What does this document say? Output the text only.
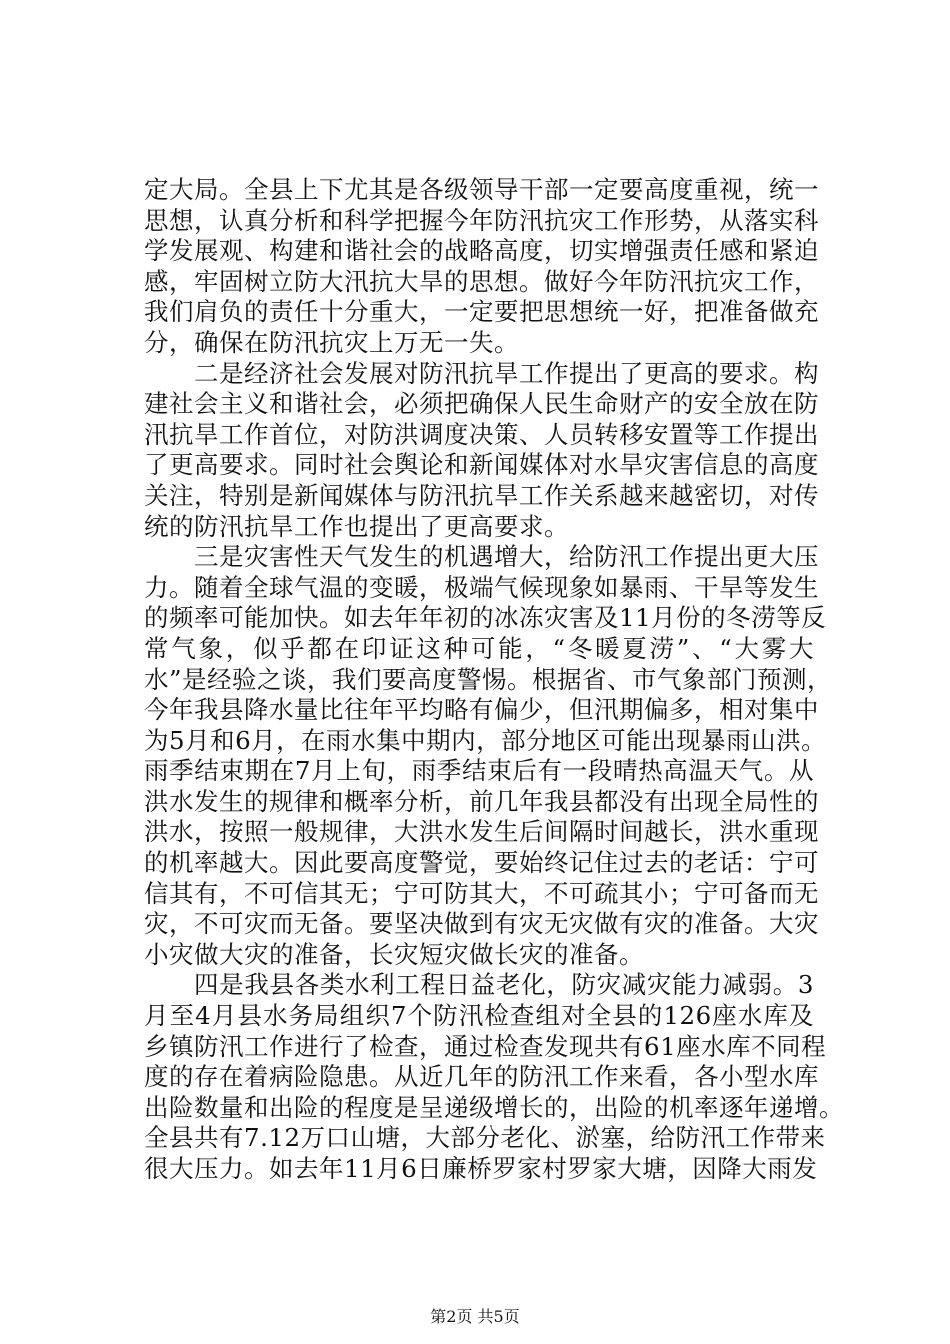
定大局。全县上下尤其是各级领导干部一定要高度重视，统一
思想，认真分析和科学把握今年防汛抗灾工作形势，从落实科
学发展观、构建和谐社会的战略高度，切实增强责任感和紧迫
感，牢固树立防大汛抗大旱的思想。做好今年防汛抗灾工作，
我们肩负的责任十分重大，一定要把思想统一好，把准备做充
分，确保在防汛抗灾上万无一失。
二是经济社会发展对防汛抗旱工作提出了更高的要求。构
建社会主义和谐社会，必须把确保人民生命财产的安全放在防
汛抗旱工作首位，对防洪调度决策、人员转移安置等工作提出
了更高要求。同时社会舆论和新闻媒体对水旱灾害信息的高度
关注，特别是新闻媒体与防汛抗旱工作关系越来越密切，对传
统的防汛抗旱工作也提出了更高要求。
三是灾害性天气发生的机遇增大，给防汛工作提出更大压
力。随着全球气温的变暖，极端气候现象如暴雨、干旱等发生
的频率可能加快。如去年年初的冰冻灾害及11月份的冬涝等反
常气象，似乎都在印证这种可能，“冬暖夏涝”、“大雾大
水”是经验之谈，我们要高度警惕。根据省、市气象部门预测，
今年我县降水量比往年平均略有偏少，但汛期偏多，相对集中
为5月和6月，在雨水集中期内，部分地区可能出现暴雨山洪。
雨季结束期在7月上旬，雨季结束后有一段晴热高温天气。从
洪水发生的规律和概率分析，前几年我县都没有出现全局性的
洪水，按照一般规律，大洪水发生后间隔时间越长，洪水重现
的机率越大。因此要高度警觉，要始终记住过去的老话：宁可
信其有，不可信其无；宁可防其大，不可疏其小；宁可备而无
灾，不可灾而无备。要坚决做到有灾无灾做有灾的准备。大灾
小灾做大灾的准备，长灾短灾做长灾的准备。
四是我县各类水利工程日益老化，防灾减灾能力减弱。3
月至4月县水务局组织7个防汛检查组对全县的126座水库及
乡镇防汛工作进行了检查，通过检查发现共有61座水库不同程
度的存在着病险隐患。从近几年的防汛工作来看，各小型水库
出险数量和出险的程度是呈递级增长的，出险的机率逐年递增。
全县共有7.12万口山塘，大部分老化、淤塞，给防汛工作带来
很大压力。如去年11月6日廉桥罗家村罗家大塘，因降大雨发
第2页 共5页
